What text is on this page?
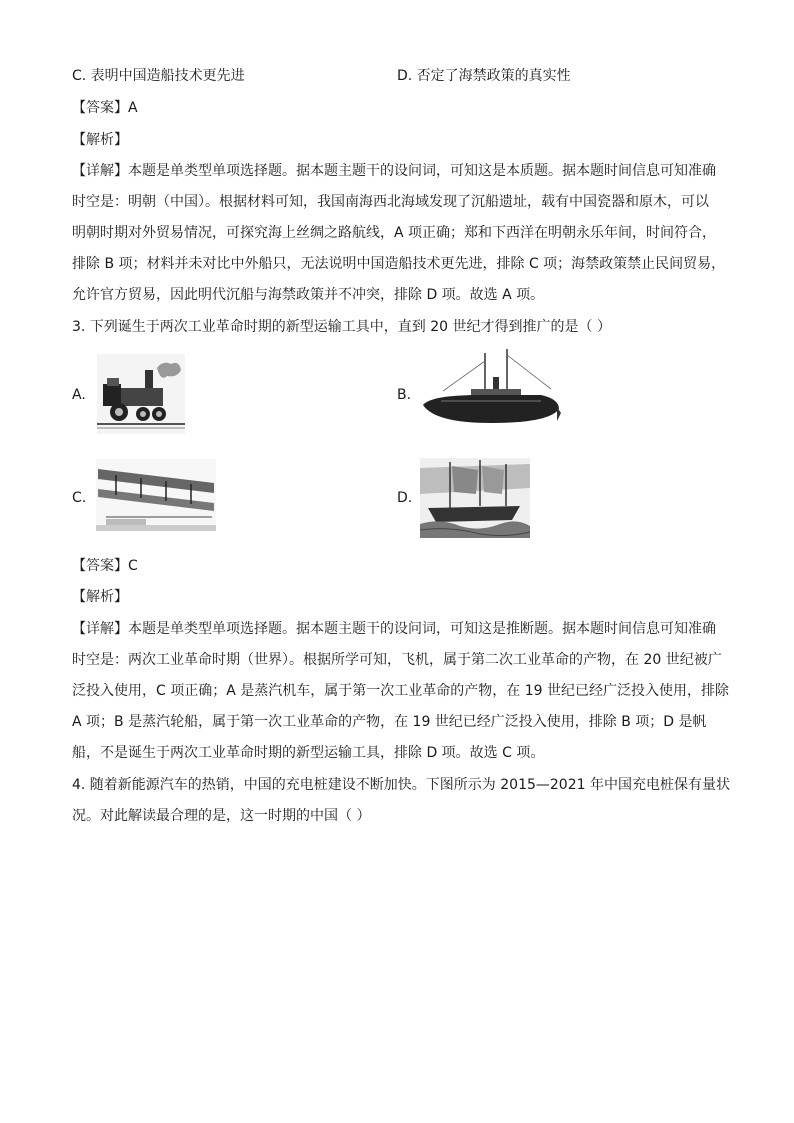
C. 表明中国造船技术更先进	D. 否定了海禁政策的真实性
【答案】A
【解析】
【详解】本题是单类型单项选择题。据本题主题干的设问词，可知这是本质题。据本题时间信息可知准确
时空是：明朝（中国）。根据材料可知，我国南海西北海域发现了沉船遗址，载有中国瓷器和原木，可以
明朝时期对外贸易情况，可探究海上丝绸之路航线，A 项正确；郑和下西洋在明朝永乐年间，时间符合，
排除 B 项；材料并未对比中外船只，无法说明中国造船技术更先进，排除 C 项；海禁政策禁止民间贸易，
允许官方贸易，因此明代沉船与海禁政策并不冲突，排除 D 项。故选 A 项。
3. 下列诞生于两次工业革命时期的新型运输工具中，直到 20 世纪才得到推广的是（ ）
A.	B.
C.	D.
【答案】C
【解析】
【详解】本题是单类型单项选择题。据本题主题干的设问词，可知这是推断题。据本题时间信息可知准确
时空是：两次工业革命时期（世界）。根据所学可知，飞机，属于第二次工业革命的产物，在 20 世纪被广
泛投入使用，C 项正确；A 是蒸汽机车，属于第一次工业革命的产物，在 19 世纪已经广泛投入使用，排除
A 项；B 是蒸汽轮船，属于第一次工业革命的产物，在 19 世纪已经广泛投入使用，排除 B 项；D 是帆
船，不是诞生于两次工业革命时期的新型运输工具，排除 D 项。故选 C 项。
4. 随着新能源汽车的热销，中国的充电桩建设不断加快。下图所示为 2015—2021 年中国充电桩保有量状
况。对此解读最合理的是，这一时期的中国（ ）
